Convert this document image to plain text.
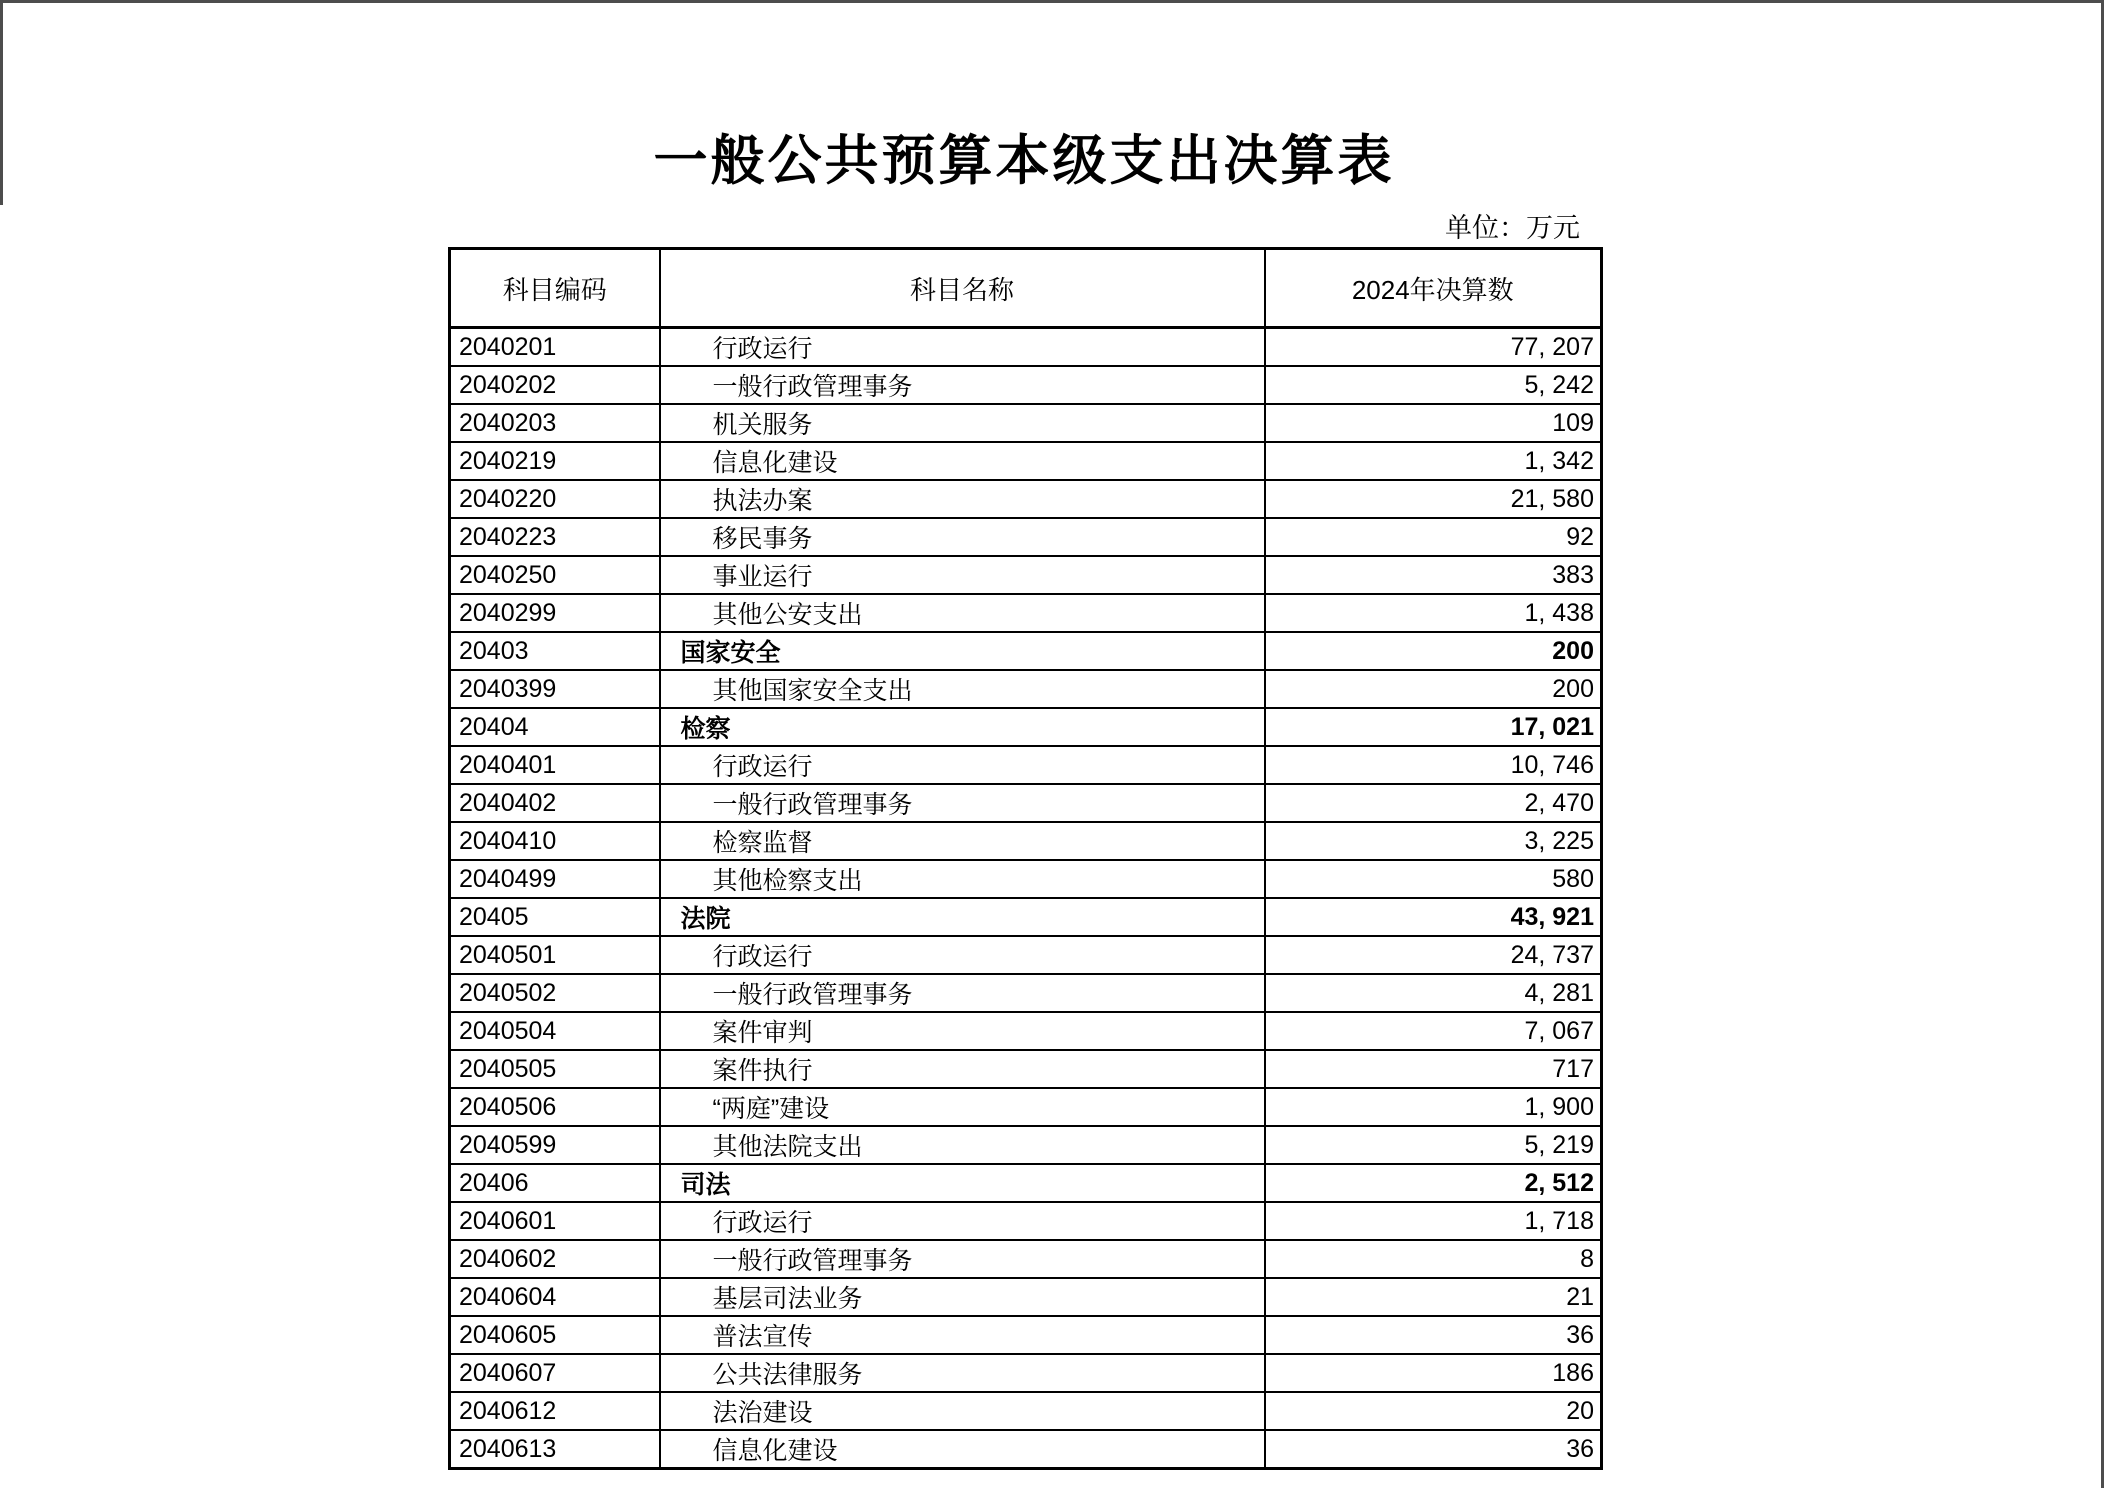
一般公共预算本级支出决算表
单位：万元
科目编码	科目名称	2024年决算数
2040201	行政运行	77, 207
2040202	一般行政管理事务	5, 242
2040203	机关服务	109
2040219	信息化建设	1, 342
2040220	执法办案	21, 580
2040223	移民事务	92
2040250	事业运行	383
2040299	其他公安支出	1, 438
20403	国家安全	200
2040399	其他国家安全支出	200
20404	检察	17, 021
2040401	行政运行	10, 746
2040402	一般行政管理事务	2, 470
2040410	检察监督	3, 225
2040499	其他检察支出	580
20405	法院	43, 921
2040501	行政运行	24, 737
2040502	一般行政管理事务	4, 281
2040504	案件审判	7, 067
2040505	案件执行	717
2040506	“两庭”建设	1, 900
2040599	其他法院支出	5, 219
20406	司法	2, 512
2040601	行政运行	1, 718
2040602	一般行政管理事务	8
2040604	基层司法业务	21
2040605	普法宣传	36
2040607	公共法律服务	186
2040612	法治建设	20
2040613	信息化建设	36
